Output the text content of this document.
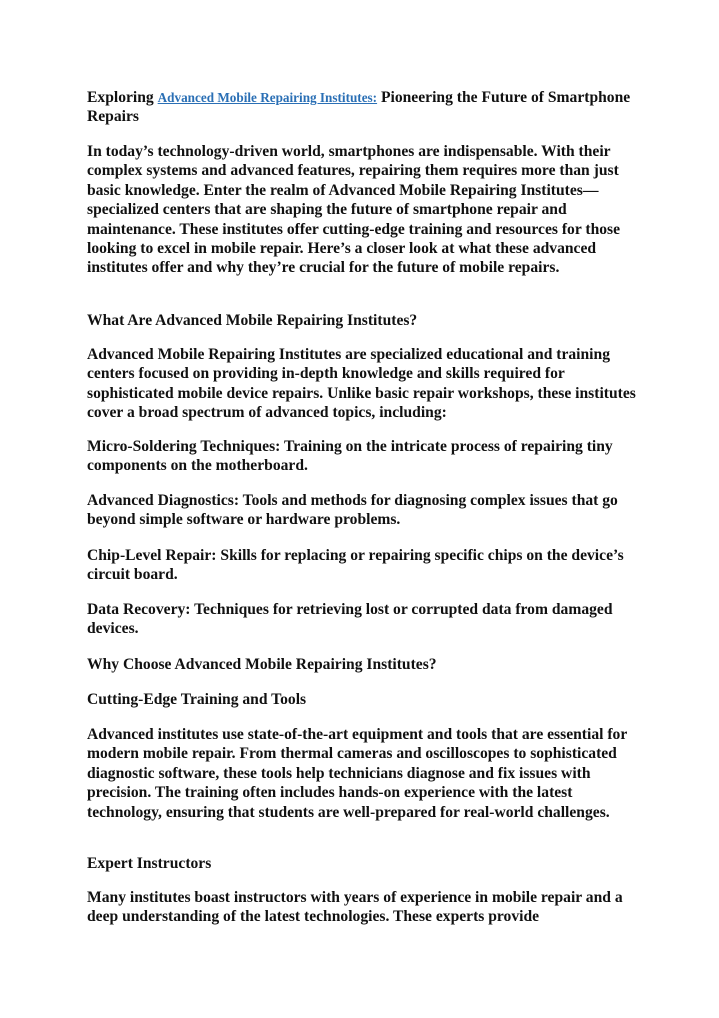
Exploring Advanced Mobile Repairing Institutes: Pioneering the Future of Smartphone Repairs

In today’s technology-driven world, smartphones are indispensable. With their complex systems and advanced features, repairing them requires more than just basic knowledge. Enter the realm of Advanced Mobile Repairing Institutes—specialized centers that are shaping the future of smartphone repair and maintenance. These institutes offer cutting-edge training and resources for those looking to excel in mobile repair. Here’s a closer look at what these advanced institutes offer and why they’re crucial for the future of mobile repairs.

What Are Advanced Mobile Repairing Institutes?

Advanced Mobile Repairing Institutes are specialized educational and training centers focused on providing in-depth knowledge and skills required for sophisticated mobile device repairs. Unlike basic repair workshops, these institutes cover a broad spectrum of advanced topics, including:

Micro-Soldering Techniques: Training on the intricate process of repairing tiny components on the motherboard.

Advanced Diagnostics: Tools and methods for diagnosing complex issues that go beyond simple software or hardware problems.

Chip-Level Repair: Skills for replacing or repairing specific chips on the device’s circuit board.

Data Recovery: Techniques for retrieving lost or corrupted data from damaged devices.

Why Choose Advanced Mobile Repairing Institutes?

Cutting-Edge Training and Tools

Advanced institutes use state-of-the-art equipment and tools that are essential for modern mobile repair. From thermal cameras and oscilloscopes to sophisticated diagnostic software, these tools help technicians diagnose and fix issues with precision. The training often includes hands-on experience with the latest technology, ensuring that students are well-prepared for real-world challenges.

Expert Instructors

Many institutes boast instructors with years of experience in mobile repair and a deep understanding of the latest technologies. These experts provide
